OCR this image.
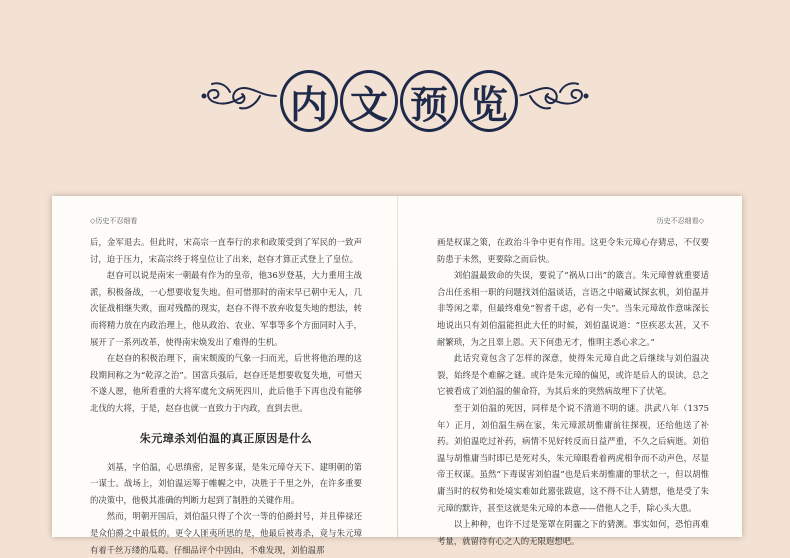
内 文 预 览
◇历史不忍细看	历史不忍细看◇

后，金军退去。但此时，宋高宗一直奉行的求和政策受到了军民的一致声讨，迫于压力，宋高宗终于将皇位让了出来，赵昚才算正式登上了皇位。

赵昚可以说是南宋一朝最有作为的皇帝，他36岁登基，大力重用主战派，积极备战，一心想要收复失地。但可惜那时的南宋早已朝中无人，几次征战相继失败，面对残酷的现实，赵昚不得不放弃收复失地的想法，转而将精力放在内政治理上，他从政治、农业、军事等多个方面同时入手，展开了一系列改革，使得南宋焕发出了难得的生机。

在赵昚的积极治理下，南宋颓废的气象一扫而光，后世将他治理的这段期间称之为“乾淳之治”。国富兵强后，赵昚还是想要收复失地，可惜天不遂人愿，他所看重的大将军虞允文病死四川，此后他手下再也没有能够北伐的大将，于是，赵昚也就一直致力于内政，直到去世。

朱元璋杀刘伯温的真正原因是什么

刘基，字伯温，心思缜密，足智多谋，是朱元璋夺天下、建明朝的第一谋士。战场上，刘伯温运筹于帷幄之中，决胜于千里之外，在许多重要的决策中，他极其准确的判断力起到了制胜的关键作用。

然而，明朝开国后，刘伯温只得了个次一等的伯爵封号，并且俸禄还是众伯爵之中最低的。更令人匪夷所思的是，他最后被毒杀，竟与朱元璋有着千丝万缕的瓜葛。仔细品评个中因由，不难发现，刘伯温那

画是权谋之策，在政治斗争中更有作用。这更令朱元璋心存猜忌，不仅要防患于未然，更要除之而后快。

刘伯温最致命的失误，要说了“祸从口出”的箴言。朱元璋曾就重要适合出任丞相一职的问题找刘伯温谈话，言语之中暗藏试探玄机，刘伯温并非等闲之辈，但最终难免“智者千虑，必有一失”。当朱元璋故作意味深长地说出只有刘伯温能担此大任的时候，刘伯温说道：“臣疾恶太甚，又不耐繁琐，为之且辜上恩。天下何患无才，惟明主悉心求之。”

此话究竟包含了怎样的深意，使得朱元璋自此之后继续与刘伯温决裂，始终是个难解之谜。或许是朱元璋的偏见，或许是后人的误读，总之它被看成了刘伯温的催命符，为其后来的突然病故埋下了伏笔。

至于刘伯温的死因，同样是个说不清道不明的谜。洪武八年（1375年）正月，刘伯温生病在家，朱元璋派胡惟庸前往探视，还给他送了补药。刘伯温吃过补药，病情不见好转反而日益严重，不久之后病逝。刘伯温与胡惟庸当时即已是死对头，朱元璋眼看着两虎相争而不动声色，尽显帝王权谋。虽然“下毒谋害刘伯温”也是后来胡惟庸的罪状之一，但以胡惟庸当时的权势和处境实难如此嚣张跋扈，这不得不让人猜想，他是受了朱元璋的默许，甚至这就是朱元璋的本意——借他人之手，除心头大患。

以上种种，也许不过是笼罩在阴霾之下的猜测。事实如何，恐怕再难考量，就留待有心之人的无限遐想吧。
